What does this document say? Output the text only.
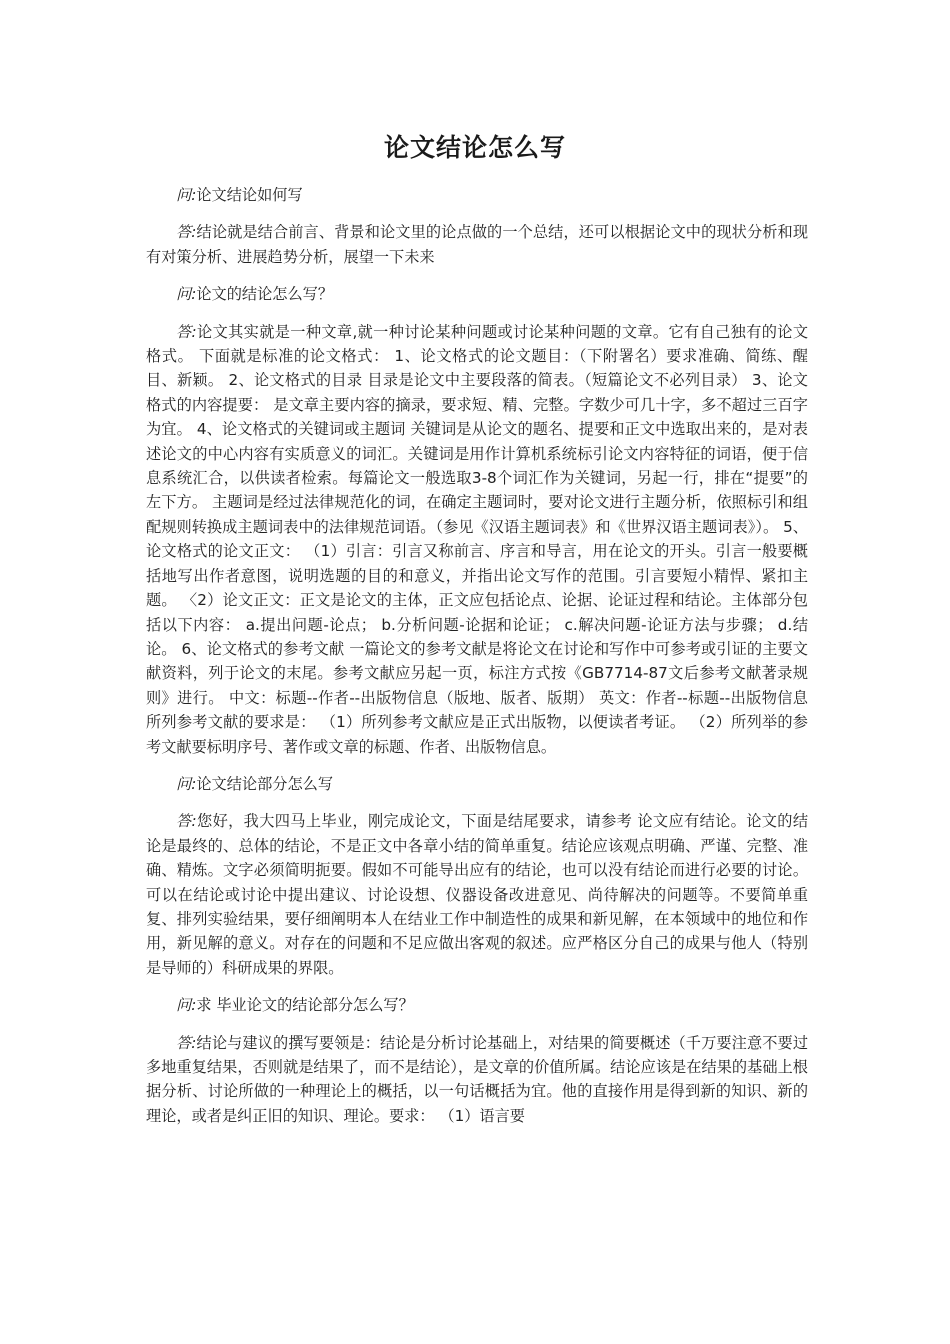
论文结论怎么写

问:论文结论如何写

答:结论就是结合前言、背景和论文里的论点做的一个总结，还可以根据论文中的现状分析和现有对策分析、进展趋势分析，展望一下未来

问:论文的结论怎么写？

答:论文其实就是一种文章,就一种讨论某种问题或讨论某种问题的文章。它有自己独有的论文格式。 下面就是标准的论文格式： 1、论文格式的论文题目：（下附署名）要求准确、简练、醒目、新颖。 2、论文格式的目录 目录是论文中主要段落的简表。（短篇论文不必列目录） 3、论文格式的内容提要： 是文章主要内容的摘录，要求短、精、完整。字数少可几十字，多不超过三百字为宜。 4、论文格式的关键词或主题词 关键词是从论文的题名、提要和正文中选取出来的，是对表述论文的中心内容有实质意义的词汇。关键词是用作计算机系统标引论文内容特征的词语，便于信息系统汇合，以供读者检索。每篇论文一般选取3-8个词汇作为关键词，另起一行，排在“提要”的左下方。 主题词是经过法律规范化的词，在确定主题词时，要对论文进行主题分析，依照标引和组配规则转换成主题词表中的法律规范词语。（参见《汉语主题词表》和《世界汉语主题词表》）。 5、论文格式的论文正文： （1）引言：引言又称前言、序言和导言，用在论文的开头。引言一般要概括地写出作者意图，说明选题的目的和意义，并指出论文写作的范围。引言要短小精悍、紧扣主题。 〈2）论文正文：正文是论文的主体，正文应包括论点、论据、论证过程和结论。主体部分包括以下内容： a.提出问题-论点； b.分析问题-论据和论证； c.解决问题-论证方法与步骤； d.结论。 6、论文格式的参考文献 一篇论文的参考文献是将论文在讨论和写作中可参考或引证的主要文献资料，列于论文的末尾。参考文献应另起一页，标注方式按《GB7714-87文后参考文献著录规则》进行。 中文：标题--作者--出版物信息（版地、版者、版期） 英文：作者--标题--出版物信息 所列参考文献的要求是： （1）所列参考文献应是正式出版物，以便读者考证。 （2）所列举的参考文献要标明序号、著作或文章的标题、作者、出版物信息。

问:论文结论部分怎么写

答:您好，我大四马上毕业，刚完成论文，下面是结尾要求，请参考 论文应有结论。论文的结论是最终的、总体的结论，不是正文中各章小结的简单重复。结论应该观点明确、严谨、完整、准确、精炼。文字必须简明扼要。假如不可能导出应有的结论，也可以没有结论而进行必要的讨论。 可以在结论或讨论中提出建议、讨论设想、仪器设备改进意见、尚待解决的问题等。不要简单重复、排列实验结果，要仔细阐明本人在结业工作中制造性的成果和新见解，在本领域中的地位和作用，新见解的意义。对存在的问题和不足应做出客观的叙述。应严格区分自己的成果与他人（特别是导师的）科研成果的界限。

问:求 毕业论文的结论部分怎么写？

答:结论与建议的撰写要领是：结论是分析讨论基础上，对结果的简要概述（千万要注意不要过多地重复结果，否则就是结果了，而不是结论），是文章的价值所属。结论应该是在结果的基础上根据分析、讨论所做的一种理论上的概括，以一句话概括为宜。他的直接作用是得到新的知识、新的理论，或者是纠正旧的知识、理论。要求： （1）语言要
